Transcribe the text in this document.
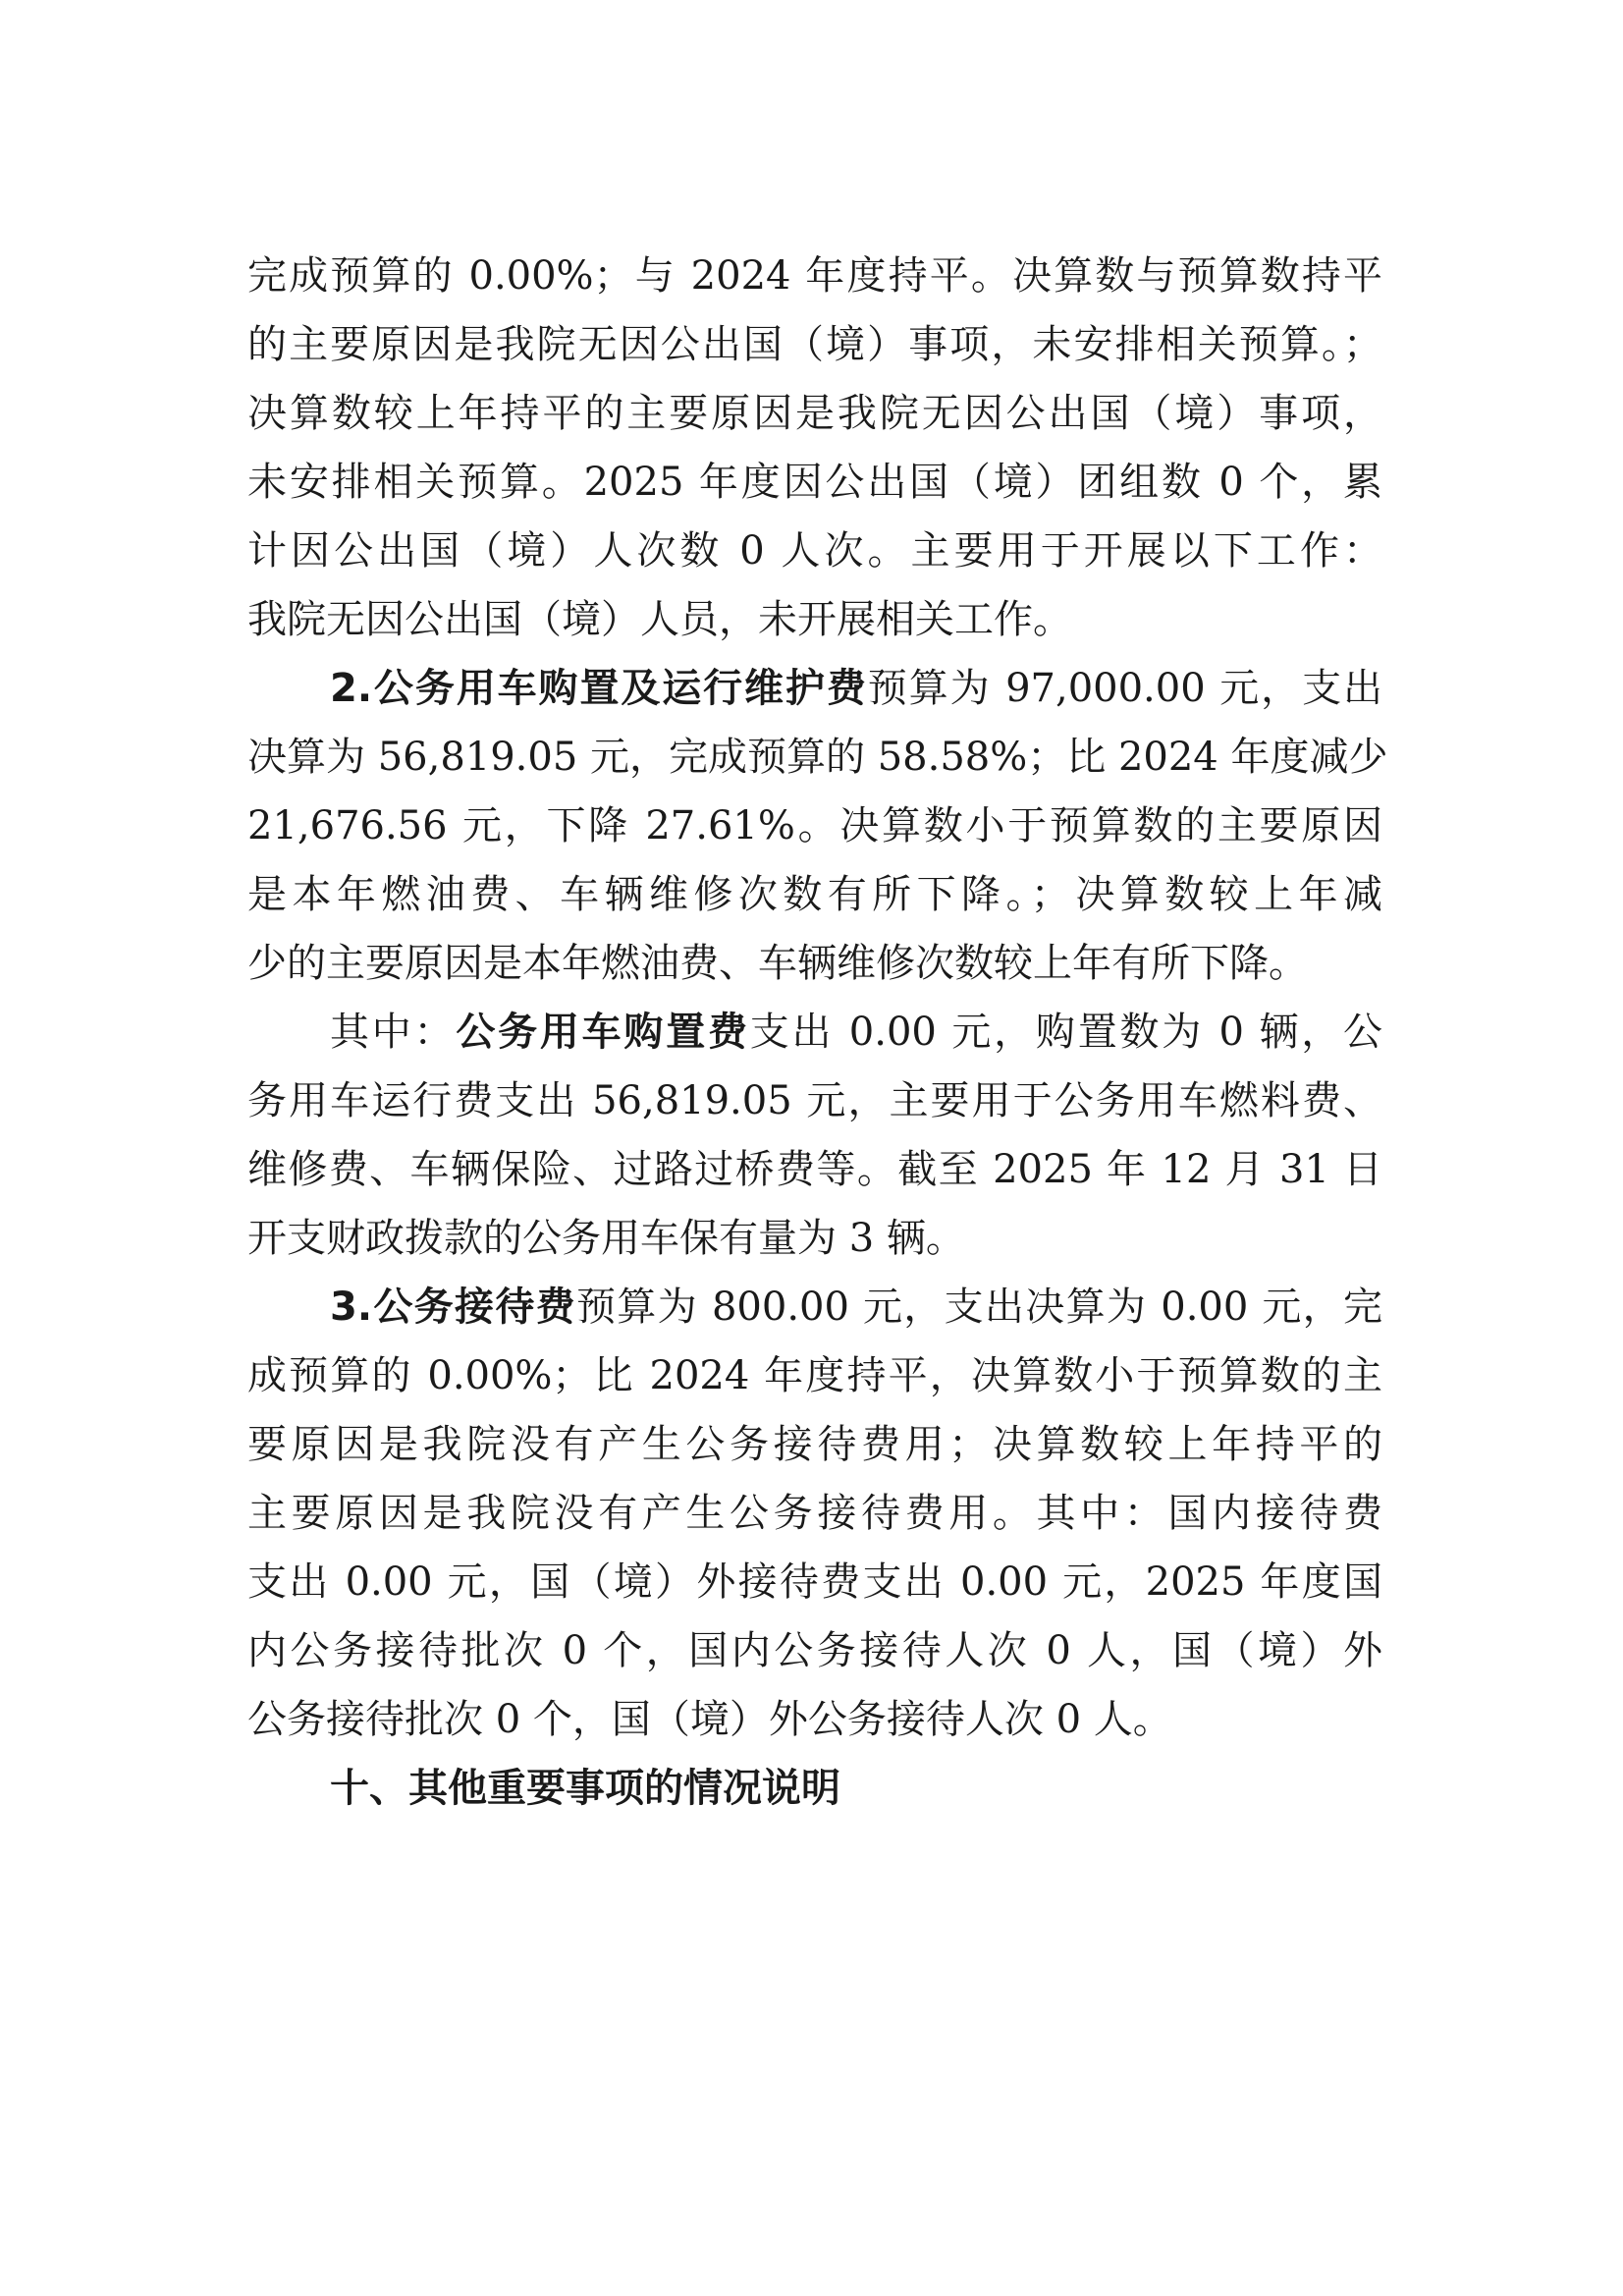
完成预算的 0.00%；与 2024 年度持平。决算数与预算数持平
的主要原因是我院无因公出国（境）事项，未安排相关预算。；
决算数较上年持平的主要原因是我院无因公出国（境）事项，
未安排相关预算。2025 年度因公出国（境）团组数 0 个，累
计因公出国（境）人次数 0 人次。主要用于开展以下工作：
我院无因公出国（境）人员，未开展相关工作。
2.公务用车购置及运行维护费预算为 97,000.00 元，支出
决算为 56,819.05 元，完成预算的 58.58%；比 2024 年度减少
21,676.56 元，下降 27.61%。决算数小于预算数的主要原因
是本年燃油费、车辆维修次数有所下降。；决算数较上年减
少的主要原因是本年燃油费、车辆维修次数较上年有所下降。
其中：公务用车购置费支出 0.00 元，购置数为 0 辆，公
务用车运行费支出 56,819.05 元，主要用于公务用车燃料费、
维修费、车辆保险、过路过桥费等。截至 2025 年 12 月 31 日
开支财政拨款的公务用车保有量为 3 辆。
3.公务接待费预算为 800.00 元，支出决算为 0.00 元，完
成预算的 0.00%；比 2024 年度持平，决算数小于预算数的主
要原因是我院没有产生公务接待费用；决算数较上年持平的
主要原因是我院没有产生公务接待费用。其中：国内接待费
支出 0.00 元，国（境）外接待费支出 0.00 元，2025 年度国
内公务接待批次 0 个，国内公务接待人次 0 人，国（境）外
公务接待批次 0 个，国（境）外公务接待人次 0 人。
十、其他重要事项的情况说明
